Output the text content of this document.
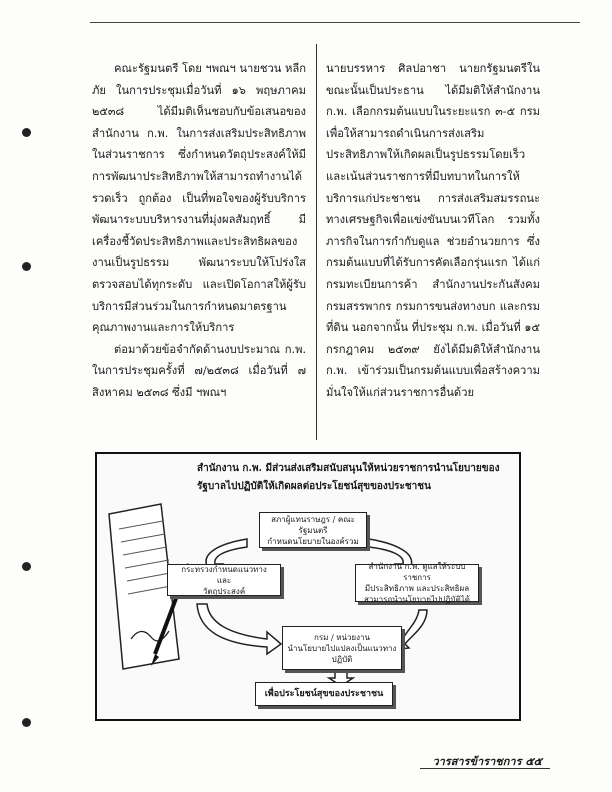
คณะรัฐมนตรี โดย ฯพณฯ นายชวน หลีกภัย ในการประชุมเมื่อวันที่ ๑๖ พฤษภาคม ๒๕๓๘ ได้มีมติเห็นชอบกับข้อเสนอของสำนักงาน ก.พ. ในการส่งเสริมประสิทธิภาพในส่วนราชการ ซึ่งกำหนดวัตถุประสงค์ให้มีการพัฒนาประสิทธิภาพให้สามารถทำงานได้รวดเร็ว ถูกต้อง เป็นที่พอใจของผู้รับบริการ พัฒนาระบบบริหารงานที่มุ่งผลสัมฤทธิ์ มีเครื่องชี้วัดประสิทธิภาพและประสิทธิผลของงานเป็นรูปธรรม พัฒนาระบบให้โปร่งใส ตรวจสอบได้ทุกระดับ และเปิดโอกาสให้ผู้รับบริการมีส่วนร่วมในการกำหนดมาตรฐานคุณภาพงานและการให้บริการ

ต่อมาด้วยข้อจำกัดด้านงบประมาณ ก.พ. ในการประชุมครั้งที่ ๗/๒๕๓๘ เมื่อวันที่ ๗ สิงหาคม ๒๕๓๘ ซึ่งมี ฯพณฯ

นายบรรหาร ศิลปอาชา นายกรัฐมนตรีในขณะนั้นเป็นประธาน ได้มีมติให้สำนักงาน ก.พ. เลือกกรมต้นแบบในระยะแรก ๓-๕ กรม เพื่อให้สามารถดำเนินการส่งเสริมประสิทธิภาพให้เกิดผลเป็นรูปธรรมโดยเร็ว และเน้นส่วนราชการที่มีบทบาทในการให้บริการแก่ประชาชน การส่งเสริมสมรรถนะทางเศรษฐกิจเพื่อแข่งขันบนเวทีโลก รวมทั้งภารกิจในการกำกับดูแล ช่วยอำนวยการ ซึ่งกรมต้นแบบที่ได้รับการคัดเลือกรุ่นแรก ได้แก่ กรมทะเบียนการค้า สำนักงานประกันสังคม กรมสรรพากร กรมการขนส่งทางบก และกรมที่ดิน นอกจากนั้น ที่ประชุม ก.พ. เมื่อวันที่ ๑๕ กรกฎาคม ๒๕๓๙ ยังได้มีมติให้สำนักงาน ก.พ. เข้าร่วมเป็นกรมต้นแบบเพื่อสร้างความมั่นใจให้แก่ส่วนราชการอื่นด้วย

สำนักงาน ก.พ. มีส่วนส่งเสริมสนับสนุนให้หน่วยราชการนำนโยบายของรัฐบาลไปปฏิบัติให้เกิดผลต่อประโยชน์สุขของประชาชน
สภาผู้แทนราษฎร / คณะรัฐมนตรี
กำหนดนโยบายในองค์รวม
กระทรวงกำหนดแนวทาง
และ
วัตถุประสงค์
สำนักงาน ก.พ. ดูแลให้ระบบราชการ
มีประสิทธิภาพ และประสิทธิผล
สามารถนำนโยบายไปปฏิบัติได้
กรม / หน่วยงาน
นำนโยบายไปแปลงเป็นแนวทาง
ปฏิบัติ
เพื่อประโยชน์สุขของประชาชน
วารสารข้าราชการ ๕๕
